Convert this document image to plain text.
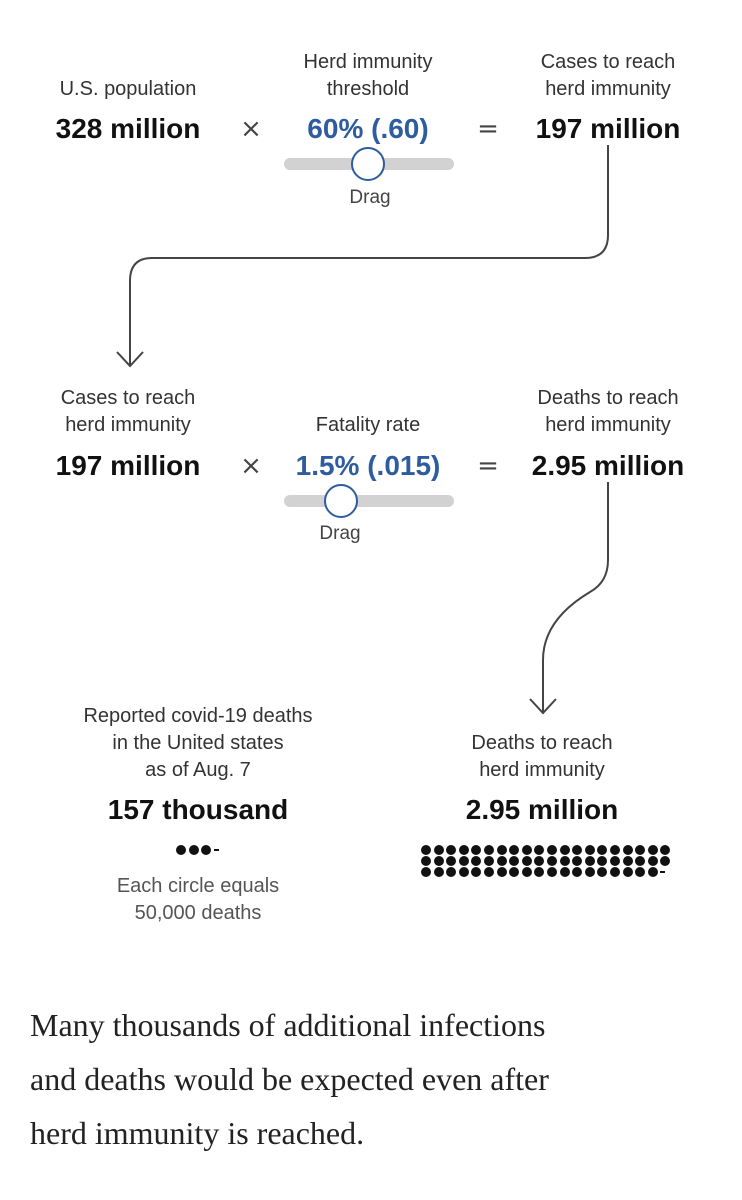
U.S. population
328 million	×
Herd immunity
threshold
60% (.60)
Drag
=
Cases to reach
herd immunity
197 million
Cases to reach
herd immunity
197 million	×
Fatality rate
1.5% (.015)
Drag
=
Deaths to reach
herd immunity
2.95 million
Reported covid-19 deaths
in the United states
as of Aug. 7
157 thousand
Each circle equals
50,000 deaths
Deaths to reach
herd immunity
2.95 million
Many thousands of additional infections
and deaths would be expected even after
herd immunity is reached.
